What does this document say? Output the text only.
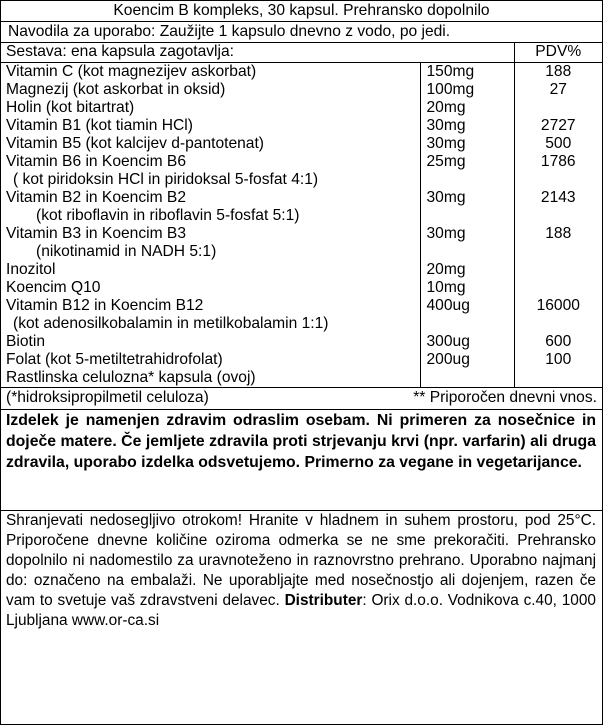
Koencim B kompleks, 30 kapsul. Prehransko dopolnilo
Navodila za uporabo: Zaužijte 1 kapsulo dnevno z vodo, po jedi.
Sestava: ena kapsula zagotavlja:		PDV%
Vitamin C (kot magnezijev askorbat)	150mg	188
Magnezij (kot askorbat in oksid)	100mg	27
Holin (kot bitartrat)	20mg	
Vitamin B1 (kot tiamin HCl)	30mg	2727
Vitamin B5 (kot kalcijev d-pantotenat)	30mg	500
Vitamin B6 in Koencim B6	25mg	1786
( kot piridoksin HCl in piridoksal 5-fosfat 4:1)		
Vitamin B2 in Koencim B2	30mg	2143
(kot riboflavin in riboflavin 5-fosfat 5:1)		
Vitamin B3 in Koencim B3	30mg	188
(nikotinamid in NADH 5:1)		
Inozitol	20mg	
Koencim Q10	10mg	
Vitamin B12 in Koencim B12	400ug	16000
(kot adenosilkobalamin in metilkobalamin 1:1)		
Biotin	300ug	600
Folat (kot 5-metiltetrahidrofolat)	200ug	100
Rastlinska celulozna* kapsula (ovoj)		
(*hidroksipropilmetil celuloza)	** Priporočen dnevni vnos.
Izdelek je namenjen zdravim odraslim osebam. Ni primeren za nosečnice in doječe matere. Če jemljete zdravila proti strjevanju krvi (npr. varfarin) ali druga zdravila, uporabo izdelka odsvetujemo. Primerno za vegane in vegetarijance.
Shranjevati nedosegljivo otrokom! Hranite v hladnem in suhem prostoru, pod 25°C. Priporočene dnevne količine oziroma odmerka se ne sme prekoračiti. Prehransko dopolnilo ni nadomestilo za uravnoteženo in raznovrstno prehrano. Uporabno najmanj do: označeno na embalaži. Ne uporabljajte med nosečnostjo ali dojenjem, razen če vam to svetuje vaš zdravstveni delavec. Distributer: Orix d.o.o. Vodnikova c.40, 1000 Ljubljana www.or-ca.si
